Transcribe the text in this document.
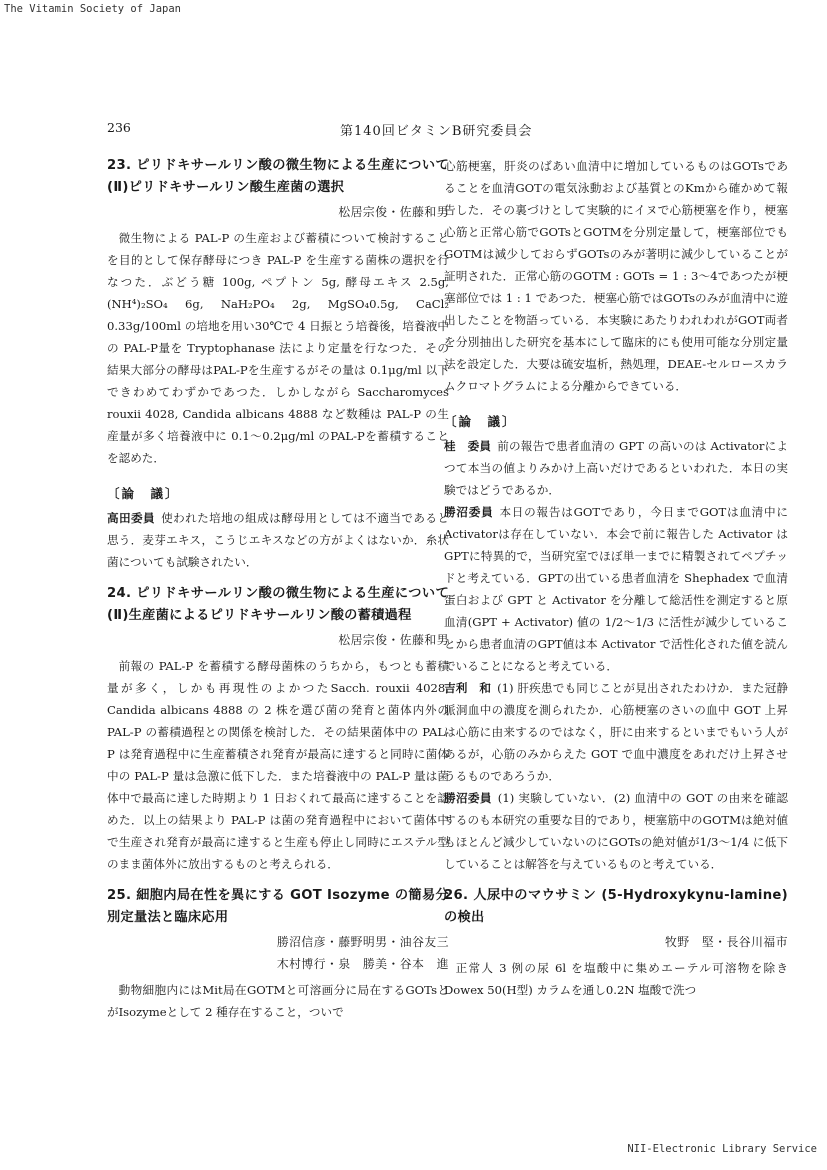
The Vitamin Society of Japan
236	第140回ビタミンB研究委員会

23. ピリドキサールリン酸の微生物による生産について(Ⅱ)ピリドキサールリン酸生産菌の選択

松居宗俊・佐藤和男

微生物による PAL-P の生産および蓄積について検討することを目的として保存酵母につき PAL-P を生産する菌株の選択を行なつた．ぶどう糖 100g, ペプトン 5g, 酵母エキス 2.5g, (NH⁴)₂SO₄ 6g, NaH₂PO₄ 2g, MgSO₄0.5g, CaCl₂ 0.33g/100ml の培地を用い30℃で 4 日振とう培養後，培養液中の PAL-P量を Tryptophanase 法により定量を行なつた．その結果大部分の酵母はPAL-Pを生産するがその量は 0.1μg/ml 以下できわめてわずかであつた．しかしながら Saccharomyces rouxii 4028, Candida albicans 4888 など数種は PAL-P の生産量が多く培養液中に 0.1〜0.2μg/ml のPAL-Pを蓄積することを認めた．

〔論　議〕

高田委員 使われた培地の組成は酵母用としては不適当であると思う．麦芽エキス，こうじエキスなどの方がよくはないか．糸状菌についても試験されたい．

24. ピリドキサールリン酸の微生物による生産について(Ⅱ)生産菌によるピリドキサールリン酸の蓄積過程

松居宗俊・佐藤和男

前報の PAL-P を蓄積する酵母菌株のうちから，もつとも蓄積量が多く，しかも再現性のよかつたSacch. rouxii 4028, Candida albicans 4888 の 2 株を選び菌の発育と菌体内外の PAL-P の蓄積過程との関係を検討した．その結果菌体中の PAL-P は発育過程中に生産蓄積され発育が最高に達すると同時に菌体中の PAL-P 量は急激に低下した．また培養液中の PAL-P 量は菌体中で最高に達した時期より 1 日おくれて最高に達することを認めた．以上の結果より PAL-P は菌の発育過程中において菌体中で生産され発育が最高に達すると生産も停止し同時にエステル型のまま菌体外に放出するものと考えられる．

25. 細胞内局在性を異にする GOT Isozyme の簡易分別定量法と臨床応用

勝沼信彦・藤野明男・油谷友三
木村博行・泉　勝美・谷本　進

動物細胞内にはMit局在GOTMと可溶画分に局在するGOTsとがIsozymeとして 2 種存在すること，ついで

心筋梗塞，肝炎のばあい血清中に増加しているものはGOTsであることを血清GOTの電気泳動および基質とのKmから確かめて報告した．その裏づけとして実験的にイヌで心筋梗塞を作り，梗塞心筋と正常心筋でGOTsとGOTMを分別定量して，梗塞部位でもGOTMは減少しておらずGOTsのみが著明に減少していることが証明された．正常心筋のGOTM : GOTs = 1 : 3〜4であつたが梗塞部位では 1 : 1 であつた．梗塞心筋ではGOTsのみが血清中に遊出したことを物語っている．本実験にあたりわれわれがGOT両者を分別抽出した研究を基本にして臨床的にも使用可能な分別定量法を設定した．大要は硫安塩析，熱処理，DEAE-セルロースカラムクロマトグラムによる分離からできている．

〔論　議〕

桂　委員 前の報告で患者血清の GPT の高いのは Activatorによつて本当の値よりみかけ上高いだけであるといわれた．本日の実験ではどうであるか．

勝沼委員 本日の報告はGOTであり，今日までGOTは血清中にActivatorは存在していない．本会で前に報告した Activator は GPTに特異的で，当研究室でほぼ単一までに精製されてペプチッドと考えている．GPTの出ている患者血清を Shephadex で血清蛋白および GPT と Activator を分離して総活性を測定すると原血清(GPT + Activator) 値の 1/2〜1/3 に活性が減少していることから患者血清のGPT値は本 Activator で活性化された値を読んでいることになると考えている．

吉利　和 (1) 肝疾患でも同じことが見出されたわけか．また冠静脈洞血中の濃度を測られたか．心筋梗塞のさいの血中 GOT 上昇は心筋に由来するのではなく，肝に由来するといまでもいう人があるが，心筋のみからえた GOT で血中濃度をあれだけ上昇させうるものであろうか．

勝沼委員 (1) 実験していない．(2) 血清中の GOT の由来を確認するのも本研究の重要な目的であり，梗塞筋中のGOTMは絶対値もほとんど減少していないのにGOTsの絶対値が1/3〜1/4 に低下していることは解答を与えているものと考えている．

26. 人尿中のマウサミン (5-Hydroxykynu-lamine) の検出

牧野　堅・長谷川福市

正常人 3 例の尿 6l を塩酸中に集めエーテル可溶物を除きDowex 50(H型) カラムを通し0.2N 塩酸で洗つ

NII-Electronic Library Service
